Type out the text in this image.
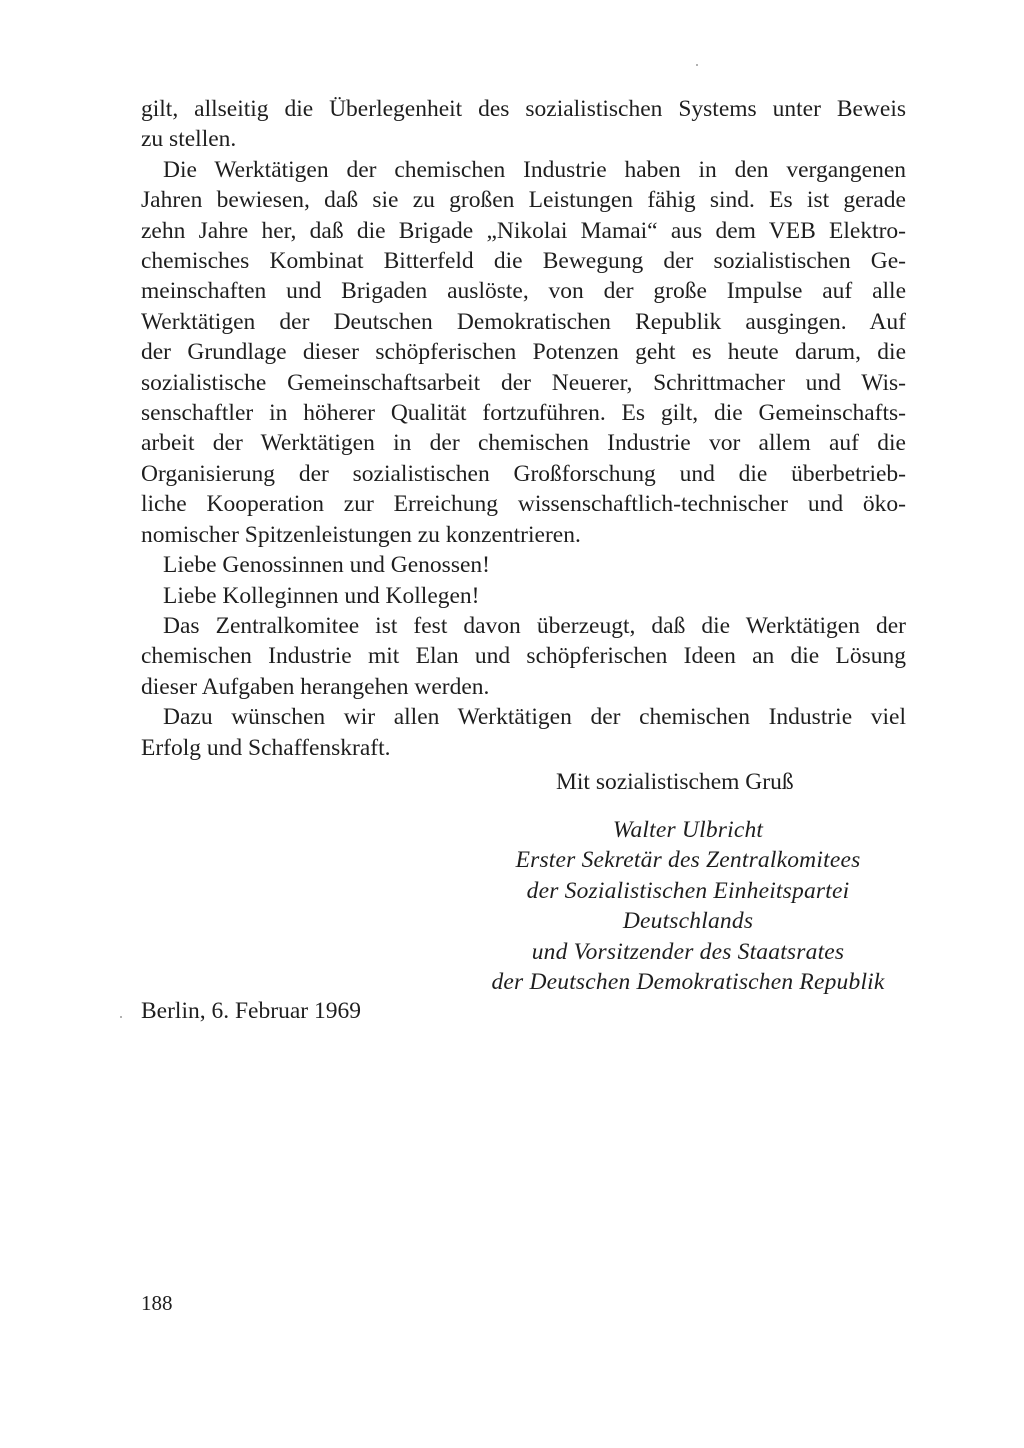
gilt, allseitig die Überlegenheit des sozialistischen Systems unter Beweis
zu stellen.
Die Werktätigen der chemischen Industrie haben in den vergangenen
Jahren bewiesen, daß sie zu großen Leistungen fähig sind. Es ist gerade
zehn Jahre her, daß die Brigade „Nikolai Mamai“ aus dem VEB Elektro-
chemisches Kombinat Bitterfeld die Bewegung der sozialistischen Ge-
meinschaften und Brigaden auslöste, von der große Impulse auf alle
Werktätigen der Deutschen Demokratischen Republik ausgingen. Auf
der Grundlage dieser schöpferischen Potenzen geht es heute darum, die
sozialistische Gemeinschaftsarbeit der Neuerer, Schrittmacher und Wis-
senschaftler in höherer Qualität fortzuführen. Es gilt, die Gemeinschafts-
arbeit der Werktätigen in der chemischen Industrie vor allem auf die
Organisierung der sozialistischen Großforschung und die überbetrieb-
liche Kooperation zur Erreichung wissenschaftlich-technischer und öko-
nomischer Spitzenleistungen zu konzentrieren.
Liebe Genossinnen und Genossen!
Liebe Kolleginnen und Kollegen!
Das Zentralkomitee ist fest davon überzeugt, daß die Werktätigen der
chemischen Industrie mit Elan und schöpferischen Ideen an die Lösung
dieser Aufgaben herangehen werden.
Dazu wünschen wir allen Werktätigen der chemischen Industrie viel
Erfolg und Schaffenskraft.
Mit sozialistischem Gruß
Walter Ulbricht
Erster Sekretär des Zentralkomitees
der Sozialistischen Einheitspartei
Deutschlands
und Vorsitzender des Staatsrates
der Deutschen Demokratischen Republik
Berlin, 6. Februar 1969
188
